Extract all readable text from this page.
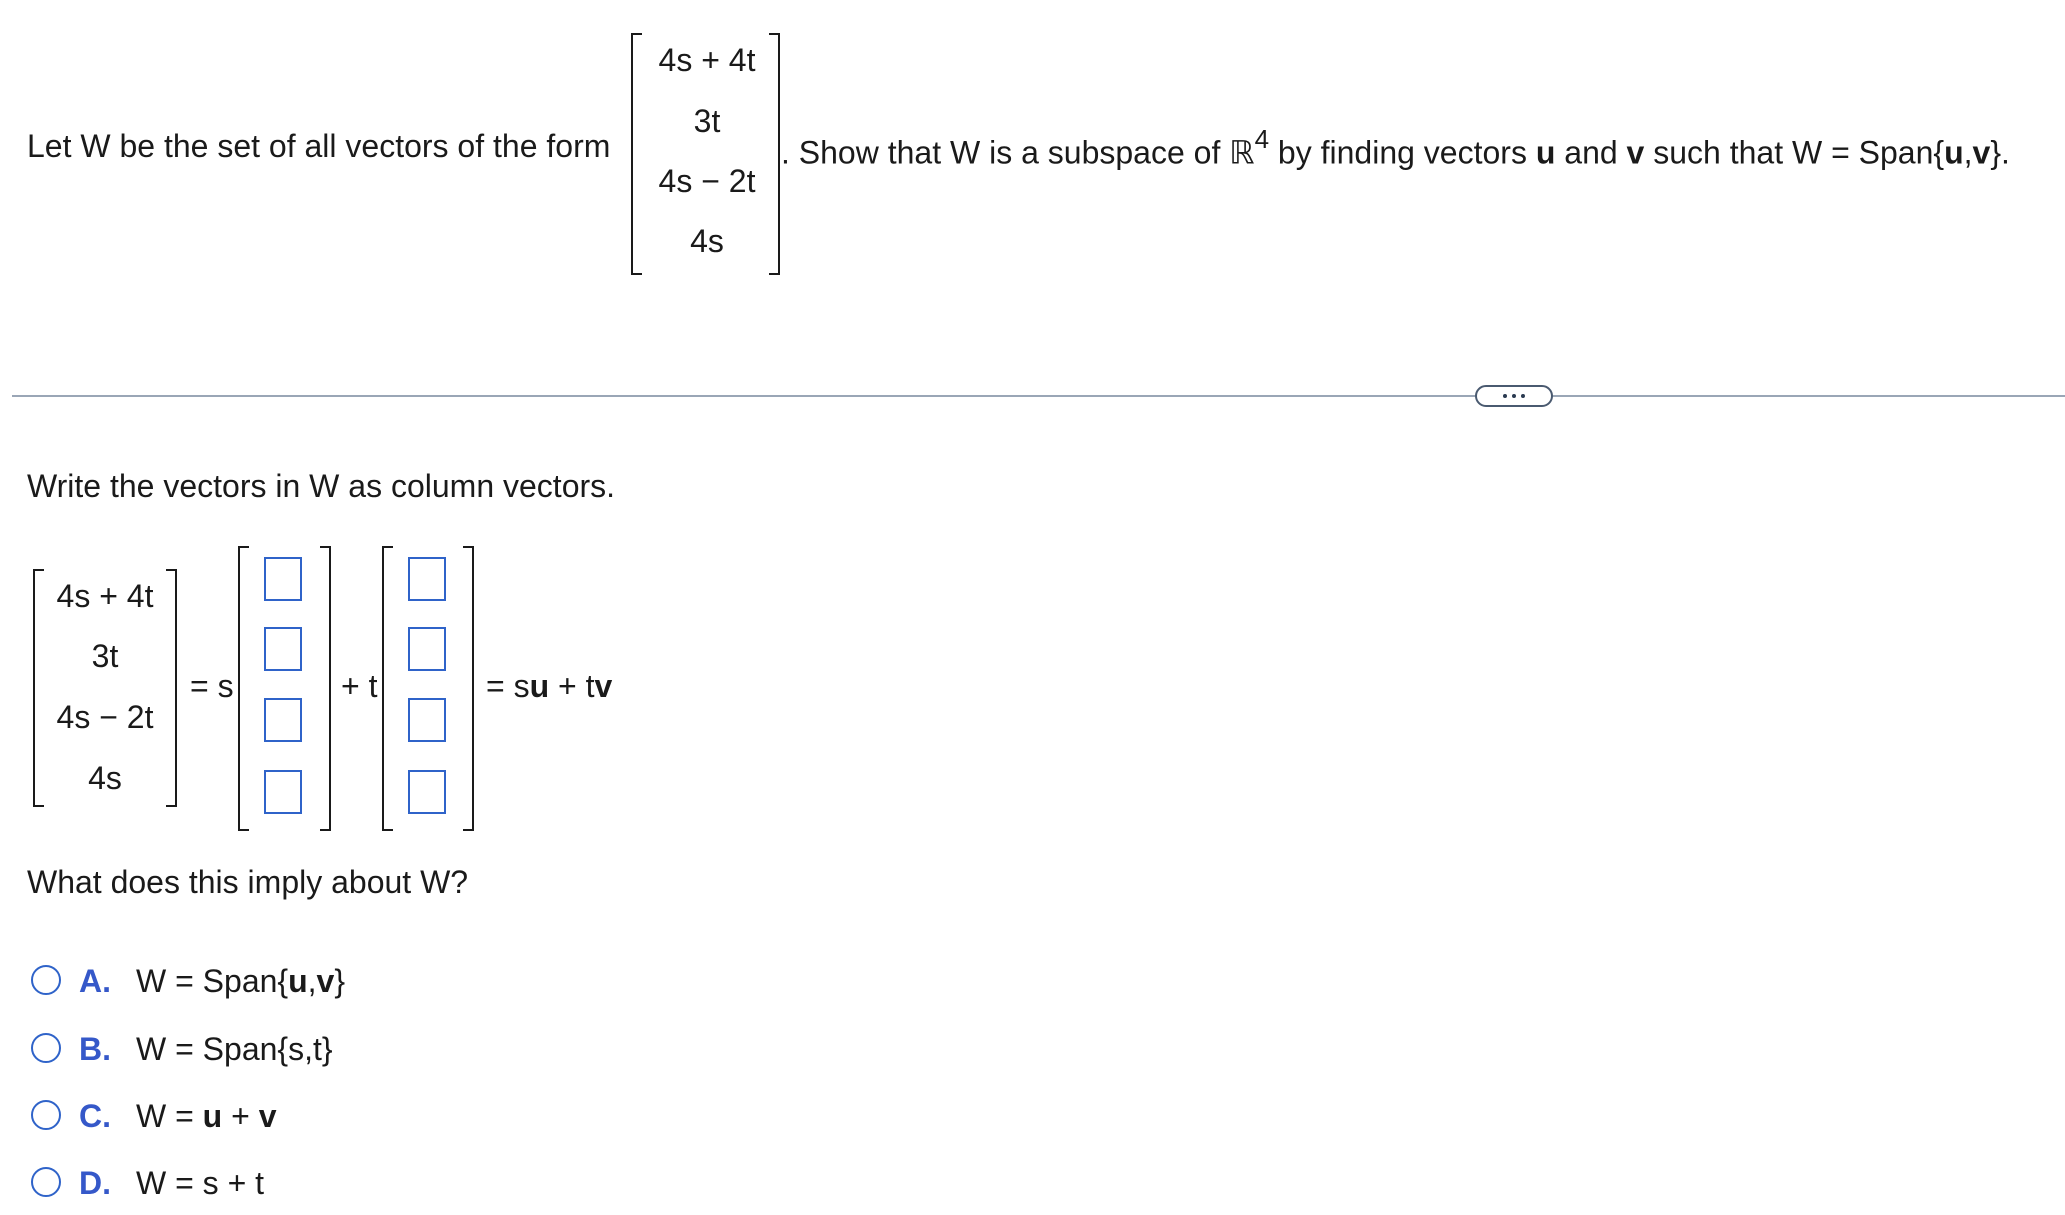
Let W be the set of all vectors of the form
4s + 4t
3t
4s − 2t
4s
. Show that W is a subspace of ℝ$^4$ by finding vectors u and v such that W = Span{u,v}.
Write the vectors in W as column vectors.
4s + 4t
3t
4s − 2t
4s
= s	+ t	= su + tv
What does this imply about W?
A. W = Span{u,v}
B. W = Span{s,t}
C. W = u + v
D. W = s + t
